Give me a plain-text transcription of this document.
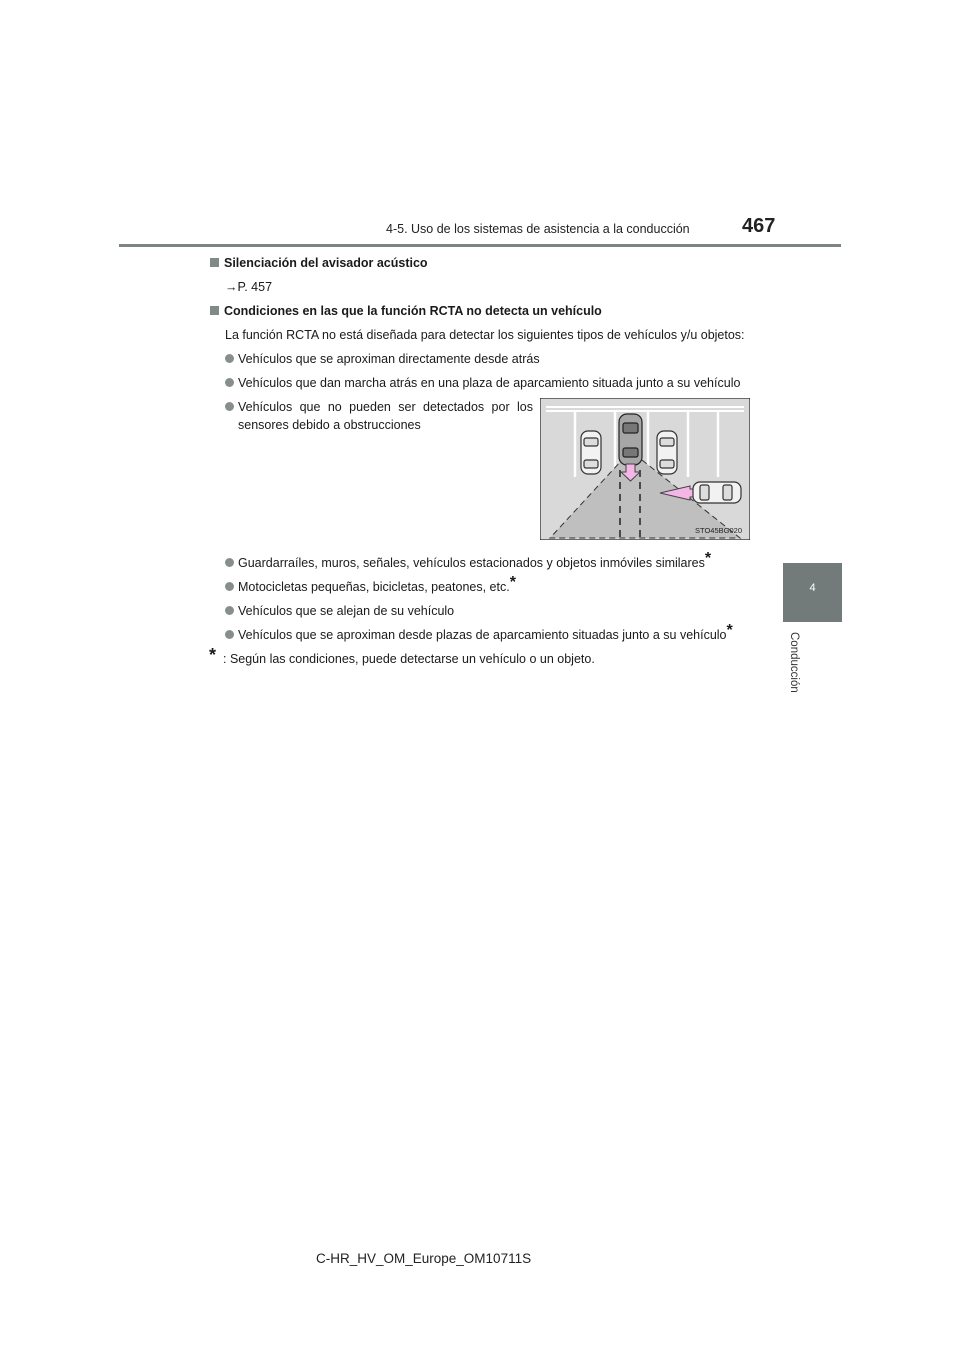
4-5. Uso de los sistemas de asistencia a la conducción	467
4
Conducción
Silenciación del avisador acústico
→P. 457
Condiciones en las que la función RCTA no detecta un vehículo
La función RCTA no está diseñada para detectar los siguientes tipos de vehículos y/u objetos:
Vehículos que se aproximan directamente desde atrás
Vehículos que dan marcha atrás en una plaza de aparcamiento situada junto a su vehículo
Vehículos que no pueden ser detectados por los sensores debido a obstrucciones
STO45BG020
Guardarraíles, muros, señales, vehículos estacionados y objetos inmóviles similares*
Motocicletas pequeñas, bicicletas, peatones, etc.*
Vehículos que se alejan de su vehículo
Vehículos que se aproximan desde plazas de aparcamiento situadas junto a su vehículo*
* : Según las condiciones, puede detectarse un vehículo o un objeto.
C-HR_HV_OM_Europe_OM10711S
